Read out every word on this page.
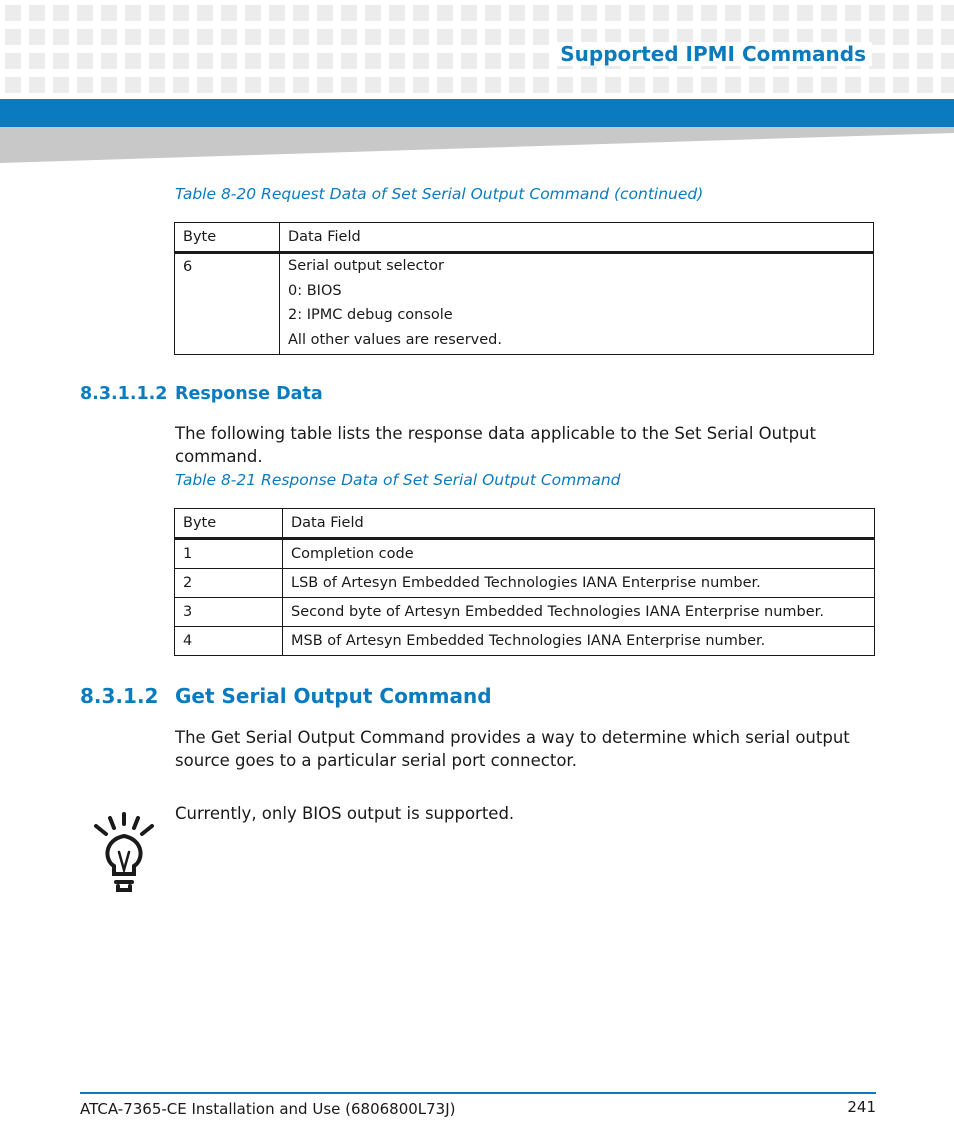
Supported IPMI Commands
Table 8-20 Request Data of Set Serial Output Command (continued)
Byte	Data Field
6	Serial output selector
0: BIOS
2: IPMC debug console
All other values are reserved.
8.3.1.1.2 Response Data
The following table lists the response data applicable to the Set Serial Output command.
Table 8-21 Response Data of Set Serial Output Command
Byte	Data Field
1	Completion code
2	LSB of Artesyn Embedded Technologies IANA Enterprise number.
3	Second byte of Artesyn Embedded Technologies IANA Enterprise number.
4	MSB of Artesyn Embedded Technologies IANA Enterprise number.
8.3.1.2 Get Serial Output Command
The Get Serial Output Command provides a way to determine which serial output source goes to a particular serial port connector.
Currently, only BIOS output is supported.
ATCA-7365-CE Installation and Use (6806800L73J)	241
